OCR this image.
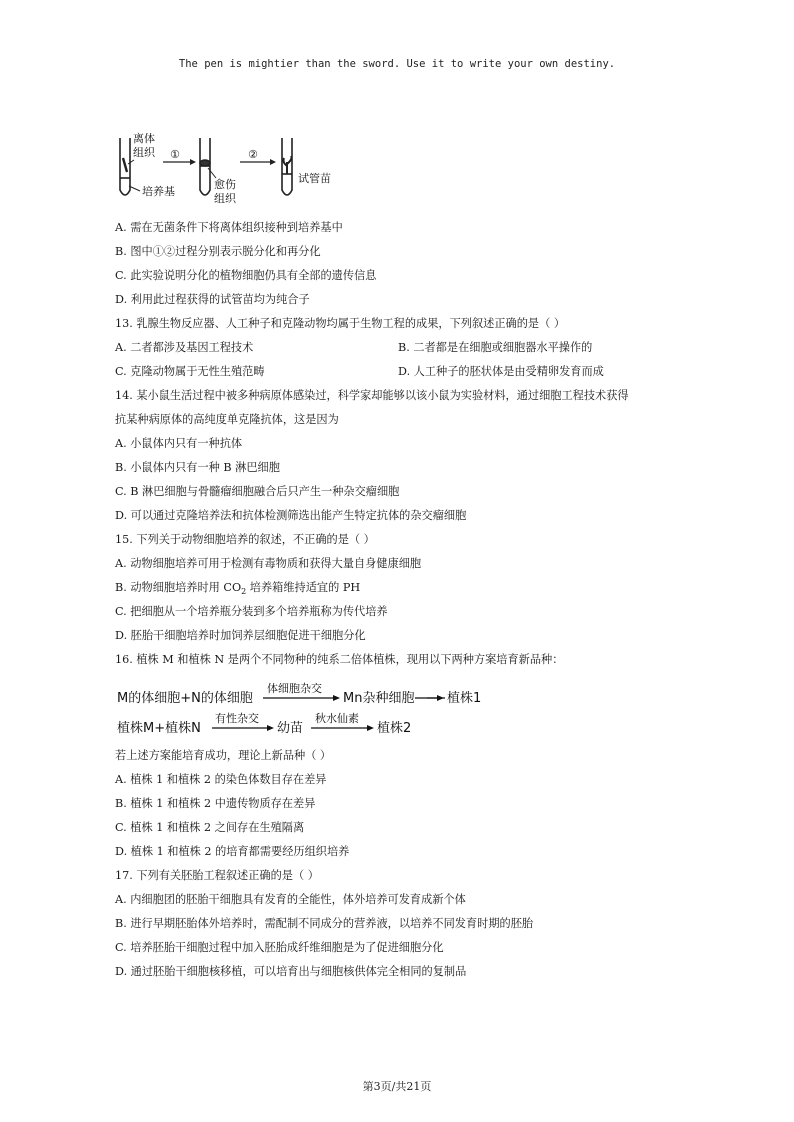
The pen is mightier than the sword. Use it to write your own destiny.
离体
组织
培养基
①
愈伤
组织
②
试管苗
A. 需在无菌条件下将离体组织接种到培养基中
B. 图中①②过程分别表示脱分化和再分化
C. 此实验说明分化的植物细胞仍具有全部的遗传信息
D. 利用此过程获得的试管苗均为纯合子
13. 乳腺生物反应器、人工种子和克隆动物均属于生物工程的成果，下列叙述正确的是（ ）
A. 二者都涉及基因工程技术	B. 二者都是在细胞或细胞器水平操作的
C. 克隆动物属于无性生殖范畴	D. 人工种子的胚状体是由受精卵发育而成
14. 某小鼠生活过程中被多种病原体感染过，科学家却能够以该小鼠为实验材料，通过细胞工程技术获得
抗某种病原体的高纯度单克隆抗体，这是因为
A. 小鼠体内只有一种抗体
B. 小鼠体内只有一种 B 淋巴细胞
C. B 淋巴细胞与骨髓瘤细胞融合后只产生一种杂交瘤细胞
D. 可以通过克隆培养法和抗体检测筛选出能产生特定抗体的杂交瘤细胞
15. 下列关于动物细胞培养的叙述，不正确的是（ ）
A. 动物细胞培养可用于检测有毒物质和获得大量自身健康细胞
B. 动物细胞培养时用 $CO_2$ 培养箱维持适宜的 PH
C. 把细胞从一个培养瓶分装到多个培养瓶称为传代培养
D. 胚胎干细胞培养时加饲养层细胞促进干细胞分化
16. 植株 M 和植株 N 是两个不同物种的纯系二倍体植株，现用以下两种方案培育新品种：
M的体细胞+N的体细胞
体细胞杂交
Mn杂种细胞
植株M+植株N
有性杂交
幼苗
秋水仙素
植株2
植株1
若上述方案能培育成功，理论上新品种（ ）
A. 植株 1 和植株 2 的染色体数目存在差异
B. 植株 1 和植株 2 中遗传物质存在差异
C. 植株 1 和植株 2 之间存在生殖隔离
D. 植株 1 和植株 2 的培育都需要经历组织培养
17. 下列有关胚胎工程叙述正确的是（ ）
A. 内细胞团的胚胎干细胞具有发育的全能性，体外培养可发育成新个体
B. 进行早期胚胎体外培养时，需配制不同成分的营养液，以培养不同发育时期的胚胎
C. 培养胚胎干细胞过程中加入胚胎成纤维细胞是为了促进细胞分化
D. 通过胚胎干细胞核移植，可以培育出与细胞核供体完全相同的复制品
第3页/共21页
